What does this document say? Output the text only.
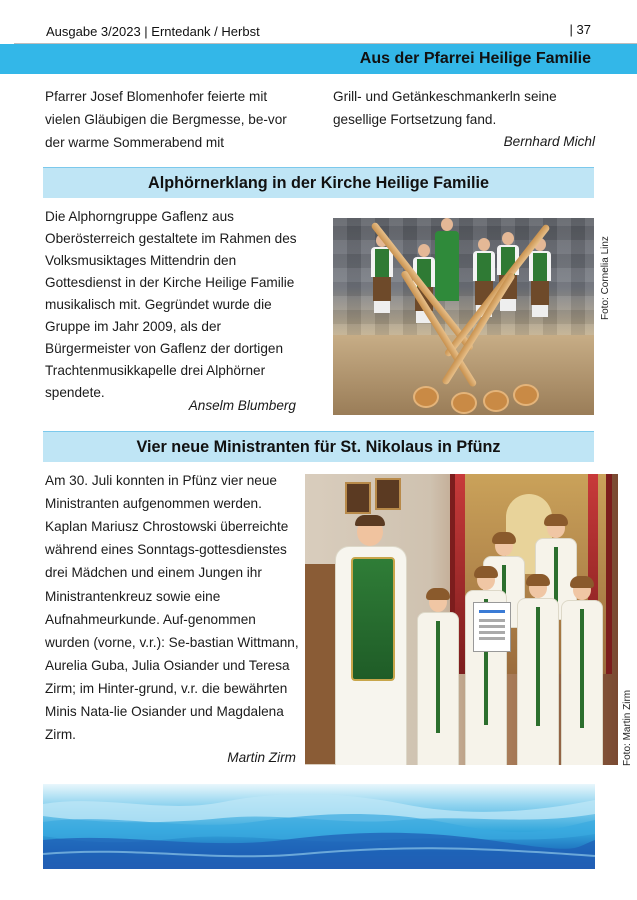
Ausgabe 3/2023 | Erntedank / Herbst	| 37
Aus der Pfarrei Heilige Familie
Pfarrer Josef Blomenhofer feierte mit vielen Gläubigen die Bergmesse, be-vor der warme Sommerabend mit
Grill- und Getänkeschmankerln seine gesellige Fortsetzung fand.
Bernhard Michl
Alphörnerklang in der Kirche Heilige Familie
Die Alphorngruppe Gaflenz aus Oberösterreich gestaltete im Rahmen des Volksmusiktages Mittendrin den Gottesdienst in der Kirche Heilige Familie musikalisch mit. Gegründet wurde die Gruppe im Jahr 2009, als der Bürgermeister von Gaflenz der dortigen Trachtenmusikkapelle drei Alphörner spendete.
Anselm Blumberg
Foto: Cornelia Linz
Vier neue Ministranten für St. Nikolaus in Pfünz
Am 30. Juli konnten in Pfünz vier neue Ministranten aufgenommen werden. Kaplan Mariusz Chrostowski überreichte während eines Sonntags-gottesdienstes drei Mädchen und einem Jungen ihr Ministrantenkreuz sowie eine Aufnahmeurkunde. Auf-genommen wurden (vorne, v.r.): Se-bastian Wittmann, Aurelia Guba, Julia Osiander und Teresa Zirm; im Hinter-grund, v.r. die bewährten Minis Nata-lie Osiander und Magdalena Zirm.
Martin Zirm	Foto: Martin Zirm
